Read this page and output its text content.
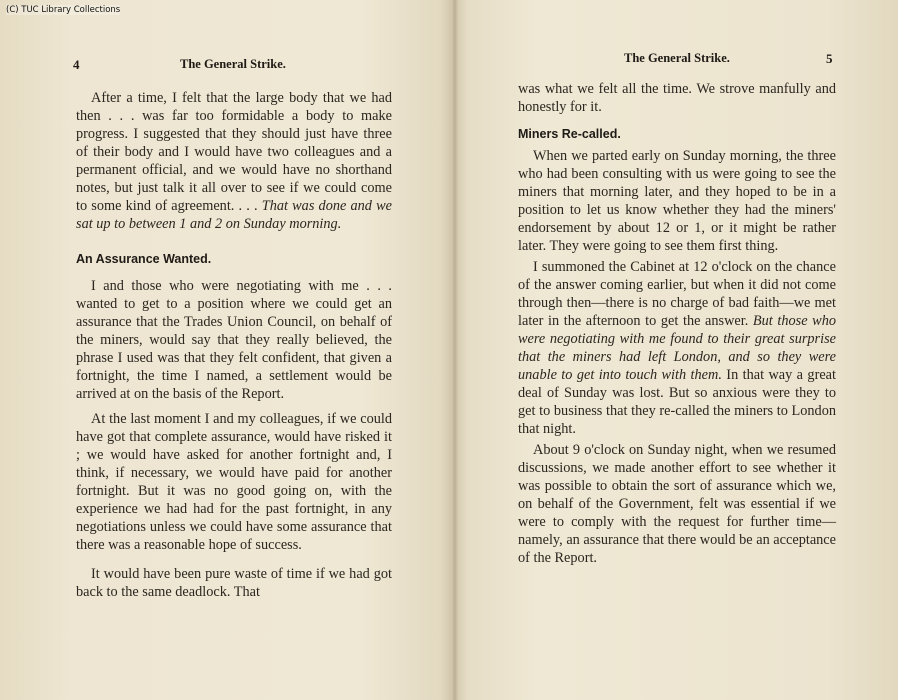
(C) TUC Library Collections
4	The General Strike.

After a time, I felt that the large body that we had then . . . was far too formidable a body to make progress. I suggested that they should just have three of their body and I would have two colleagues and a permanent official, and we would have no shorthand notes, but just talk it all over to see if we could come to some kind of agreement. . . . That was done and we sat up to between 1 and 2 on Sunday morning.

An Assurance Wanted.

I and those who were negotiating with me . . . wanted to get to a position where we could get an assurance that the Trades Union Council, on behalf of the miners, would say that they really believed, the phrase I used was that they felt confident, that given a fortnight, the time I named, a settlement would be arrived at on the basis of the Report.

At the last moment I and my colleagues, if we could have got that complete assurance, would have risked it ; we would have asked for another fortnight and, I think, if necessary, we would have paid for another fortnight. But it was no good going on, with the experience we had had for the past fortnight, in any negotiations unless we could have some assurance that there was a reasonable hope of success.

It would have been pure waste of time if we had got back to the same deadlock. That

The General Strike.	5

was what we felt all the time. We strove manfully and honestly for it.

Miners Re-called.

When we parted early on Sunday morning, the three who had been consulting with us were going to see the miners that morning later, and they hoped to be in a position to let us know whether they had the miners' endorsement by about 12 or 1, or it might be rather later. They were going to see them first thing.

I summoned the Cabinet at 12 o'clock on the chance of the answer coming earlier, but when it did not come through then—there is no charge of bad faith—we met later in the afternoon to get the answer. But those who were negotiating with me found to their great surprise that the miners had left London, and so they were unable to get into touch with them. In that way a great deal of Sunday was lost. But so anxious were they to get to business that they re-called the miners to London that night.

About 9 o'clock on Sunday night, when we resumed discussions, we made another effort to see whether it was possible to obtain the sort of assurance which we, on behalf of the Government, felt was essential if we were to comply with the request for further time—namely, an assurance that there would be an acceptance of the Report.
